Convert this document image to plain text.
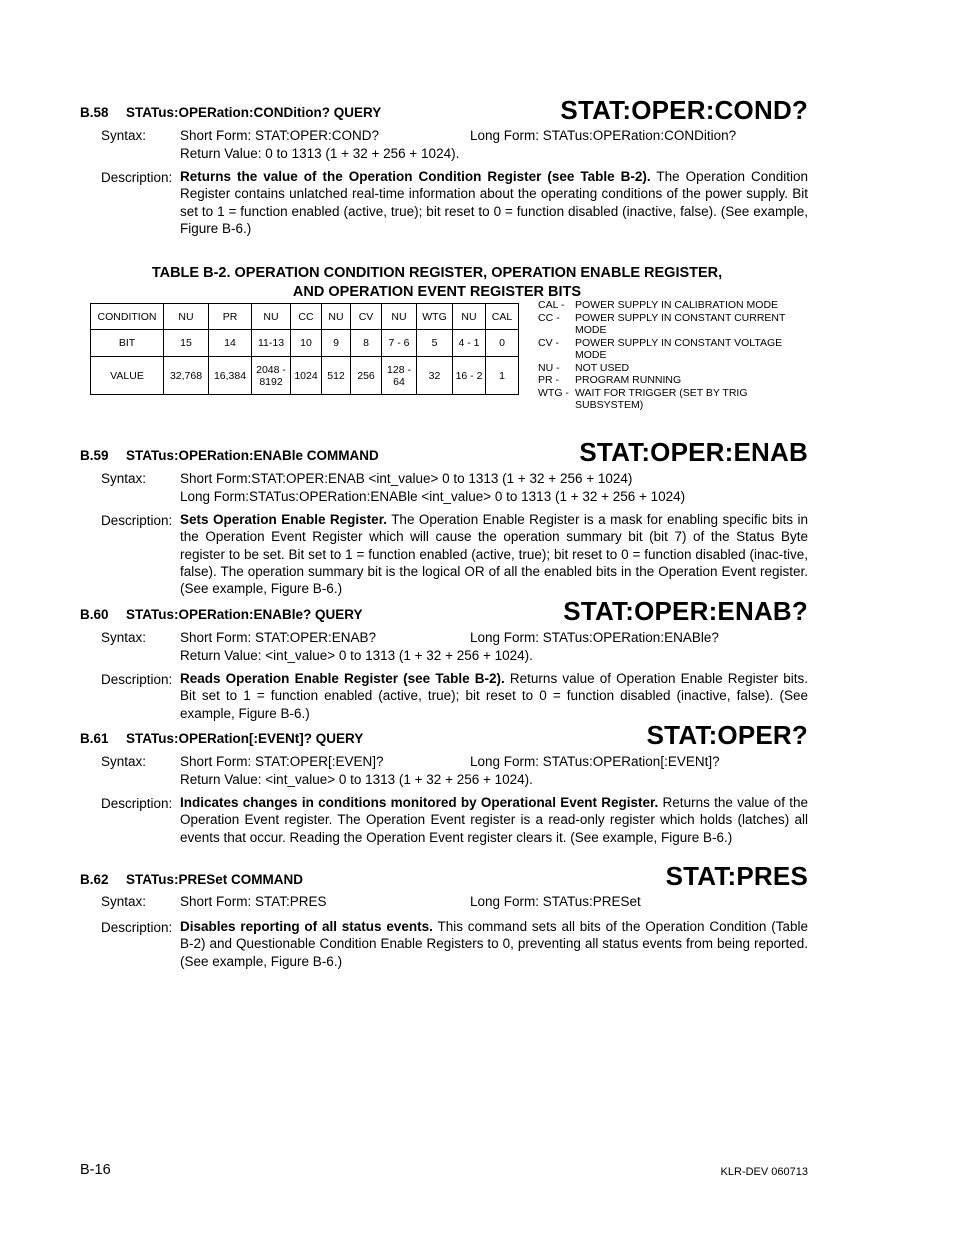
B.58 STATus:OPERation:CONDition? QUERY	STAT:OPER:COND?
Syntax:	Short Form: STAT:OPER:COND?	Long Form: STATus:OPERation:CONDition?
Return Value: 0 to 1313 (1 + 32 + 256 + 1024).
Description: Returns the value of the Operation Condition Register (see Table B-2). The Operation Condition Register contains unlatched real-time information about the operating conditions of the power supply. Bit set to 1 = function enabled (active, true); bit reset to 0 = function disabled (inactive, false). (See example, Figure B-6.)
TABLE B-2. OPERATION CONDITION REGISTER, OPERATION ENABLE REGISTER,
AND OPERATION EVENT REGISTER BITS
CONDITION	NU	PR	NU	CC	NU	CV	NU	WTG	NU	CAL
BIT	15	14	11-13	10	9	8	7 - 6	5	4 - 1	0
VALUE	32,768	16,384	2048 - 8192	1024	512	256	128 - 64	32	16 - 2	1
CAL -	POWER SUPPLY IN CALIBRATION MODE
CC -	POWER SUPPLY IN CONSTANT CURRENT MODE
CV -	POWER SUPPLY IN CONSTANT VOLTAGE MODE
NU -	NOT USED
PR -	PROGRAM RUNNING
WTG - WAIT FOR TRIGGER (SET BY TRIG SUBSYSTEM)
B.59 STATus:OPERation:ENABle COMMAND	STAT:OPER:ENAB
Syntax:	Short Form:STAT:OPER:ENAB <int_value> 0 to 1313 (1 + 32 + 256 + 1024)
Long Form:STATus:OPERation:ENABle <int_value> 0 to 1313 (1 + 32 + 256 + 1024)
Description: Sets Operation Enable Register. The Operation Enable Register is a mask for enabling specific bits in the Operation Event Register which will cause the operation summary bit (bit 7) of the Status Byte register to be set. Bit set to 1 = function enabled (active, true); bit reset to 0 = function disabled (inac-tive, false). The operation summary bit is the logical OR of all the enabled bits in the Operation Event register. (See example, Figure B-6.)
B.60 STATus:OPERation:ENABle? QUERY	STAT:OPER:ENAB?
Syntax:	Short Form: STAT:OPER:ENAB?	Long Form: STATus:OPERation:ENABle?
Return Value: <int_value> 0 to 1313 (1 + 32 + 256 + 1024).
Description: Reads Operation Enable Register (see Table B-2). Returns value of Operation Enable Register bits. Bit set to 1 = function enabled (active, true); bit reset to 0 = function disabled (inactive, false). (See example, Figure B-6.)
B.61 STATus:OPERation[:EVENt]? QUERY	STAT:OPER?
Syntax:	Short Form: STAT:OPER[:EVEN]?	Long Form: STATus:OPERation[:EVENt]?
Return Value: <int_value> 0 to 1313 (1 + 32 + 256 + 1024).
Description: Indicates changes in conditions monitored by Operational Event Register. Returns the value of the Operation Event register. The Operation Event register is a read-only register which holds (latches) all events that occur. Reading the Operation Event register clears it. (See example, Figure B-6.)
B.62 STATus:PRESet COMMAND	STAT:PRES
Syntax:	Short Form: STAT:PRES	Long Form: STATus:PRESet
Description: Disables reporting of all status events. This command sets all bits of the Operation Condition (Table B-2) and Questionable Condition Enable Registers to 0, preventing all status events from being reported. (See example, Figure B-6.)
B-16	KLR-DEV 060713
